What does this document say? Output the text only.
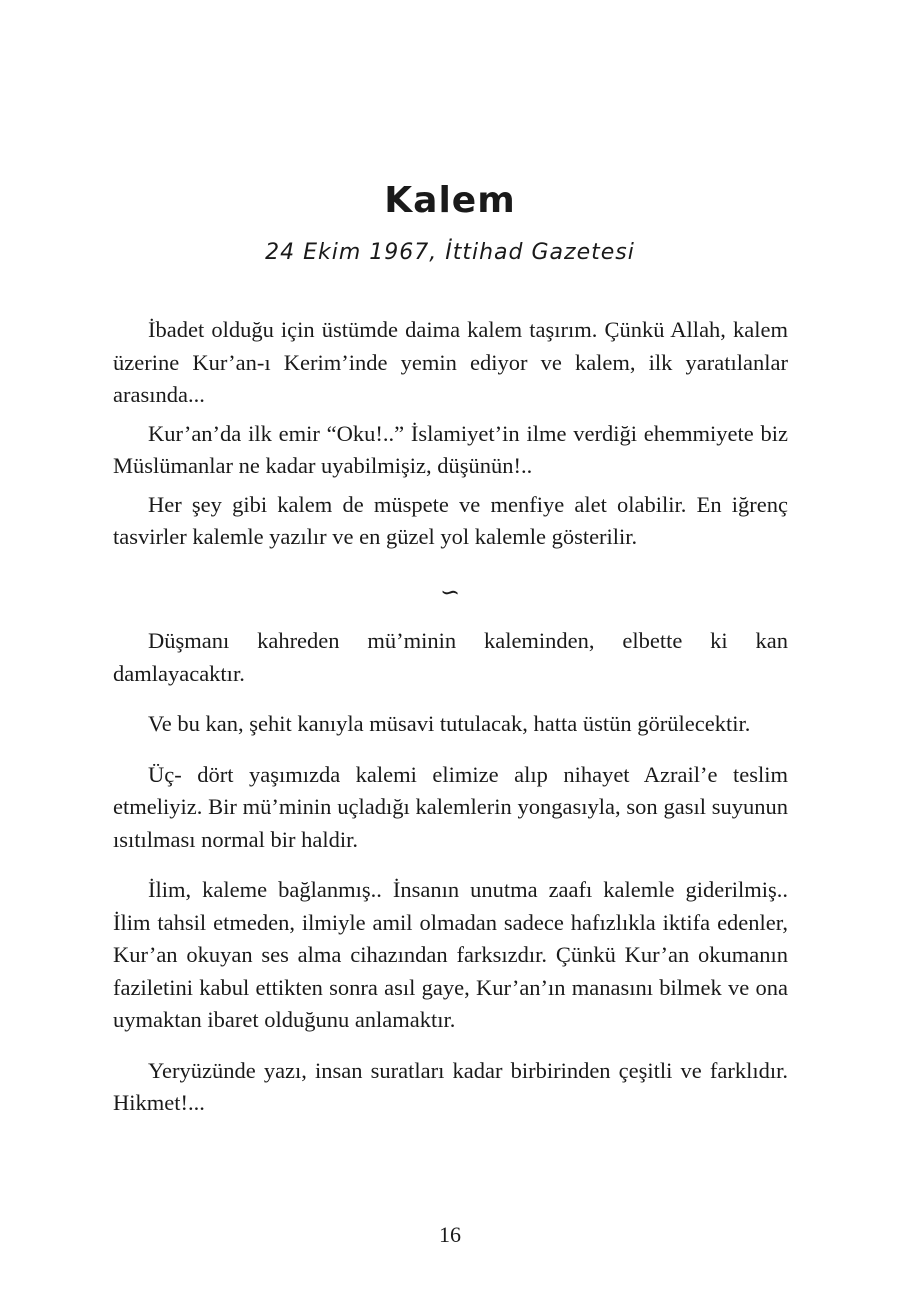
Kalem
24 Ekim 1967, İttihad Gazetesi

İbadet olduğu için üstümde daima kalem taşırım. Çünkü Allah, kalem üzerine Kur’an-ı Kerim’inde yemin ediyor ve kalem, ilk yaratılanlar arasında...

Kur’an’da ilk emir “Oku!..” İslamiyet’in ilme verdiği ehemmiyete biz Müslümanlar ne kadar uyabilmişiz, düşünün!..

Her şey gibi kalem de müspete ve menfiye alet olabilir. En iğrenç tasvirler kalemle yazılır ve en güzel yol kalemle gösterilir.

∽

Düşmanı kahreden mü’minin kaleminden, elbette ki kan damlayacaktır.

Ve bu kan, şehit kanıyla müsavi tutulacak, hatta üstün görülecektir.

Üç- dört yaşımızda kalemi elimize alıp nihayet Azrail’e teslim etmeliyiz. Bir mü’minin uçladığı kalemlerin yongasıyla, son gasıl suyunun ısıtılması normal bir haldir.

İlim, kaleme bağlanmış.. İnsanın unutma zaafı kalemle giderilmiş.. İlim tahsil etmeden, ilmiyle amil olmadan sadece hafızlıkla iktifa edenler, Kur’an okuyan ses alma cihazından farksızdır. Çünkü Kur’an okumanın faziletini kabul ettikten sonra asıl gaye, Kur’an’ın manasını bilmek ve ona uymaktan ibaret olduğunu anlamaktır.

Yeryüzünde yazı, insan suratları kadar birbirinden çeşitli ve farklıdır. Hikmet!...

16
